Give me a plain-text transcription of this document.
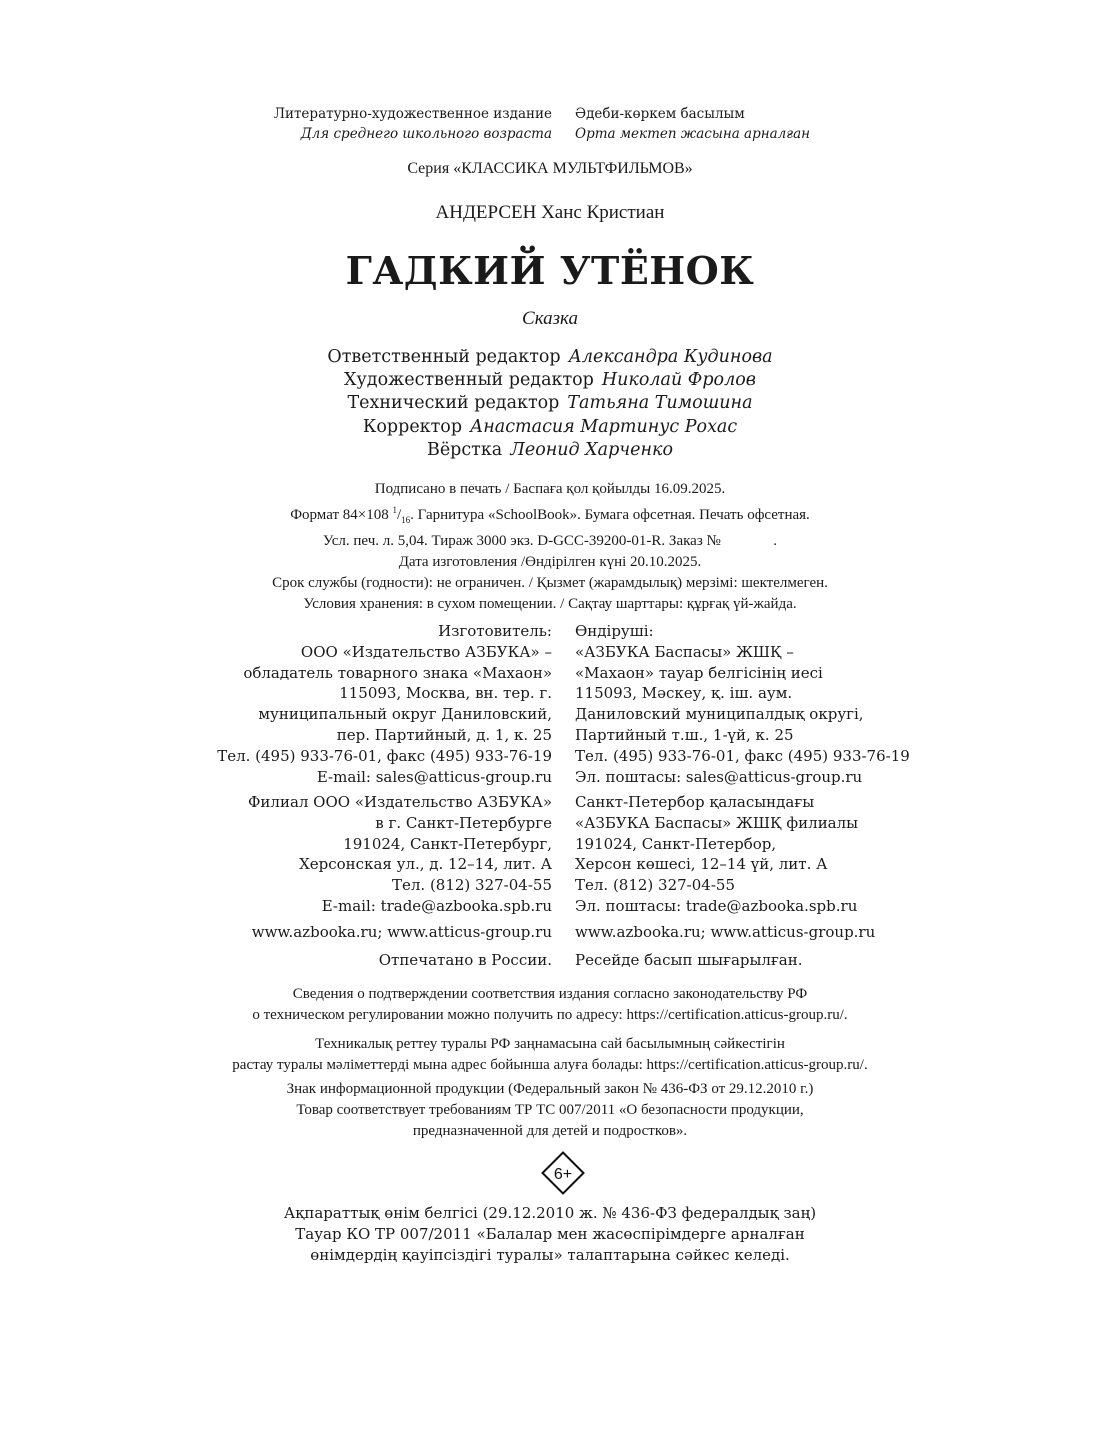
Литературно-художественное издание
Для среднего школьного возраста
Әдеби-көркем басылым
Орта мектеп жасына арналған
Серия «КЛАССИКА МУЛЬТФИЛЬМОВ»
АНДЕРСЕН Ханс Кристиан
ГАДКИЙ УТЁНОК
Сказка
Ответственный редактор Александра Кудинова
Художественный редактор Николай Фролов
Технический редактор Татьяна Тимошина
Корректор Анастасия Мартинус Рохас
Вёрстка Леонид Харченко
Подписано в печать / Баспаға қол қойылды 16.09.2025.
Формат 84×108 $^1/_{16}$. Гарнитура «SchoolBook». Бумага офсетная. Печать офсетная.
Усл. печ. л. 5,04. Тираж 3000 экз. D-GCC-39200-01-R. Заказ №              .
Дата изготовления /Өндірілген күні 20.10.2025.
Срок службы (годности): не ограничен. / Қызмет (жарамдылық) мерзімі: шектелмеген.
Условия хранения: в сухом помещении. / Сақтау шарттары: құрғақ үй-жайда.
Изготовитель:
ООО «Издательство АЗБУКА» –
обладатель товарного знака «Махаон»
115093, Москва, вн. тер. г.
муниципальный округ Даниловский,
пер. Партийный, д. 1, к. 25
Тел. (495) 933-76-01, факс (495) 933-76-19
E-mail: sales@atticus-group.ru
Өндіруші:
«АЗБУКА Баспасы» ЖШҚ –
«Махаон» тауар белгісінің иесі
115093, Мәскеу, қ. іш. аум.
Даниловский муниципалдық округі,
Партийный т.ш., 1-үй, к. 25
Тел. (495) 933-76-01, факс (495) 933-76-19
Эл. поштасы: sales@atticus-group.ru
Филиал ООО «Издательство АЗБУКА»
в г. Санкт-Петербурге
191024, Санкт-Петербург,
Херсонская ул., д. 12–14, лит. А
Тел. (812) 327-04-55
E-mail: trade@azbooka.spb.ru
Санкт-Петербор қаласындағы
«АЗБУКА Баспасы» ЖШҚ филиалы
191024, Санкт-Петербор,
Херсон көшесі, 12–14 үй, лит. А
Тел. (812) 327-04-55
Эл. поштасы: trade@azbooka.spb.ru
www.azbooka.ru; www.atticus-group.ru www.azbooka.ru; www.atticus-group.ru
Отпечатано в России. Ресейде басып шығарылған.

Сведения о подтверждении соответствия издания согласно законодательству РФ
о техническом регулировании можно получить по адресу: https://certification.atticus-group.ru/.

Техникалық реттеу туралы РФ заңнамасына сай басылымның сәйкестігін
растау туралы мәліметтерді мына адрес бойынша алуға болады: https://certification.atticus-group.ru/.

Знак информационной продукции (Федеральный закон № 436-ФЗ от 29.12.2010 г.)
Товар соответствует требованиям ТР ТС 007/2011 «О безопасности продукции,
предназначенной для детей и подростков».
6+
Ақпараттық өнім белгісі (29.12.2010 ж. № 436-ФЗ федералдық заң)
Тауар КО ТР 007/2011 «Балалар мен жасөспірімдерге арналған
өнімдердің қауіпсіздігі туралы» талаптарына сәйкес келеді.
